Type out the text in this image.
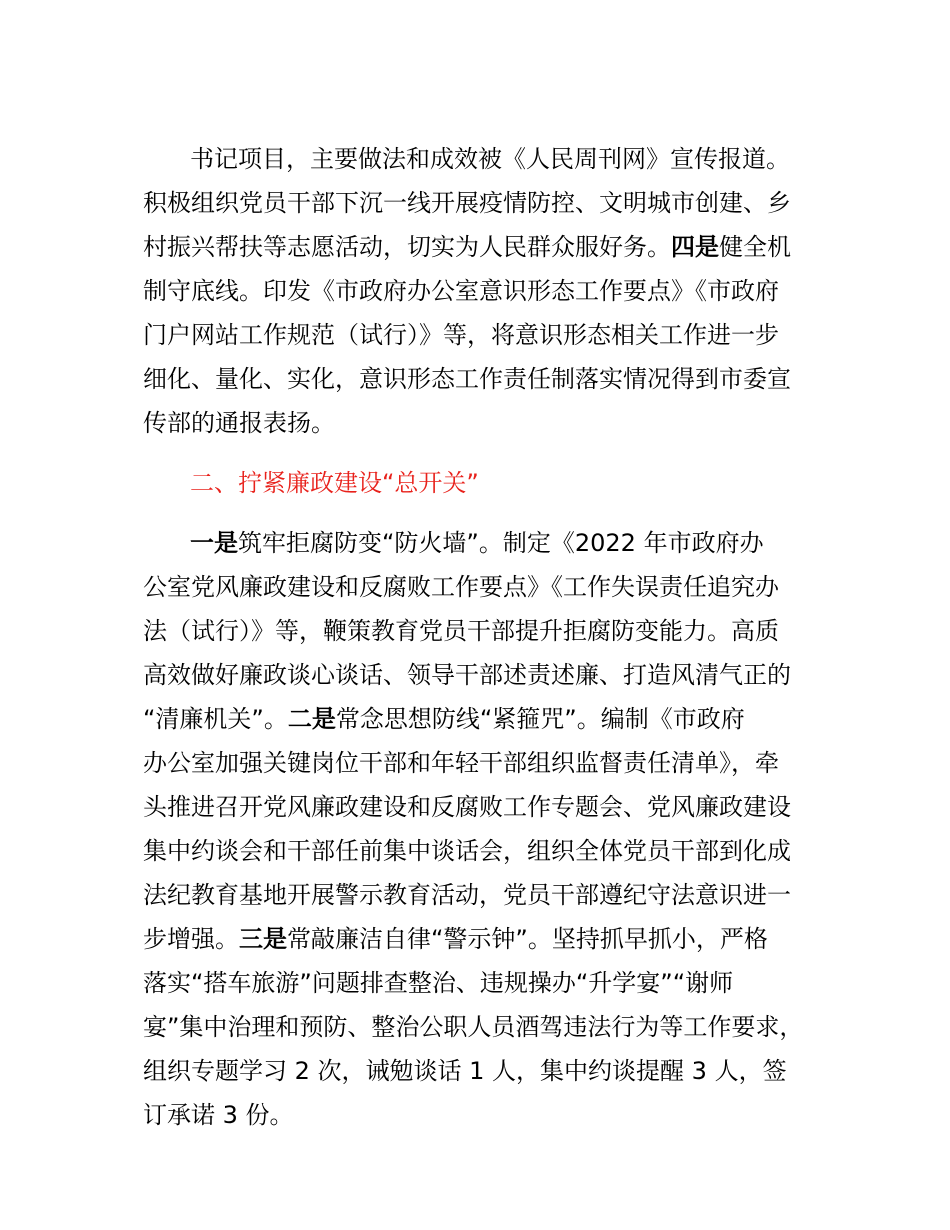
书记项目，主要做法和成效被《人民周刊网》宣传报道。
积极组织党员干部下沉一线开展疫情防控、文明城市创建、乡
村振兴帮扶等志愿活动，切实为人民群众服好务。四是健全机
制守底线。印发《市政府办公室意识形态工作要点》《市政府
门户网站工作规范（试行）》等，将意识形态相关工作进一步
细化、量化、实化，意识形态工作责任制落实情况得到市委宣
传部的通报表扬。
二、拧紧廉政建设“总开关”
一是筑牢拒腐防变“防火墙”。制定《2022 年市政府办
公室党风廉政建设和反腐败工作要点》《工作失误责任追究办
法（试行）》等，鞭策教育党员干部提升拒腐防变能力。高质
高效做好廉政谈心谈话、领导干部述责述廉、打造风清气正的
“清廉机关”。二是常念思想防线“紧箍咒”。编制《市政府
办公室加强关键岗位干部和年轻干部组织监督责任清单》，牵
头推进召开党风廉政建设和反腐败工作专题会、党风廉政建设
集中约谈会和干部任前集中谈话会，组织全体党员干部到化成
法纪教育基地开展警示教育活动，党员干部遵纪守法意识进一
步增强。三是常敲廉洁自律“警示钟”。坚持抓早抓小，严格
落实“搭车旅游”问题排查整治、违规操办“升学宴”“谢师
宴”集中治理和预防、整治公职人员酒驾违法行为等工作要求，
组织专题学习 2 次，诫勉谈话 1 人，集中约谈提醒 3 人，签
订承诺 3 份。
